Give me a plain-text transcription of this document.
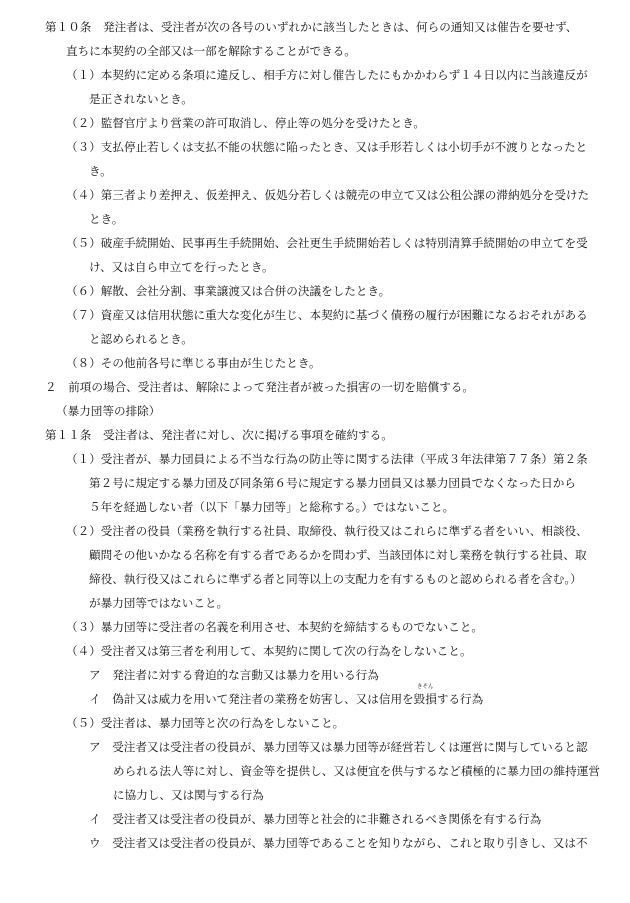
第１０条　発注者は、受注者が次の各号のいずれかに該当したときは、何らの通知又は催告を要せず、
直ちに本契約の全部又は一部を解除することができる。
（１）本契約に定める条項に違反し、相手方に対し催告したにもかかわらず１４日以内に当該違反が
是正されないとき。
（２）監督官庁より営業の許可取消し、停止等の処分を受けたとき。
（３）支払停止若しくは支払不能の状態に陥ったとき、又は手形若しくは小切手が不渡りとなったと
き。
（４）第三者より差押え、仮差押え、仮処分若しくは競売の申立て又は公租公課の滞納処分を受けた
とき。
（５）破産手続開始、民事再生手続開始、会社更生手続開始若しくは特別清算手続開始の申立てを受
け、又は自ら申立てを行ったとき。
（６）解散、会社分割、事業譲渡又は合併の決議をしたとき。
（７）資産又は信用状態に重大な変化が生じ、本契約に基づく債務の履行が困難になるおそれがある
と認められるとき。
（８）その他前各号に準じる事由が生じたとき。
２　前項の場合、受注者は、解除によって発注者が被った損害の一切を賠償する。
（暴力団等の排除）
第１１条　受注者は、発注者に対し、次に掲げる事項を確約する。
（１）受注者が、暴力団員による不当な行為の防止等に関する法律（平成３年法律第７７条）第２条
第２号に規定する暴力団及び同条第６号に規定する暴力団員又は暴力団員でなくなった日から
５年を経過しない者（以下「暴力団等」と総称する。）ではないこと。
（２）受注者の役員（業務を執行する社員、取締役、執行役又はこれらに準ずる者をいい、相談役、
顧問その他いかなる名称を有する者であるかを問わず、当該団体に対し業務を執行する社員、取
締役、執行役又はこれらに準ずる者と同等以上の支配力を有するものと認められる者を含む。）
が暴力団等ではないこと。
（３）暴力団等に受注者の名義を利用させ、本契約を締結するものでないこと。
（４）受注者又は第三者を利用して、本契約に関して次の行為をしないこと。
ア　発注者に対する脅迫的な言動又は暴力を用いる行為
イ　偽計又は威力を用いて発注者の業務を妨害し、又は信用を
きそん
毀損する行為
（５）受注者は、暴力団等と次の行為をしないこと。
ア　受注者又は受注者の役員が、暴力団等又は暴力団等が経営若しくは運営に関与していると認
められる法人等に対し、資金等を提供し、又は便宜を供与するなど積極的に暴力団の維持運営
に協力し、又は関与する行為
イ　受注者又は受注者の役員が、暴力団等と社会的に非難されるべき関係を有する行為
ウ　受注者又は受注者の役員が、暴力団等であることを知りながら、これと取り引きし、又は不
